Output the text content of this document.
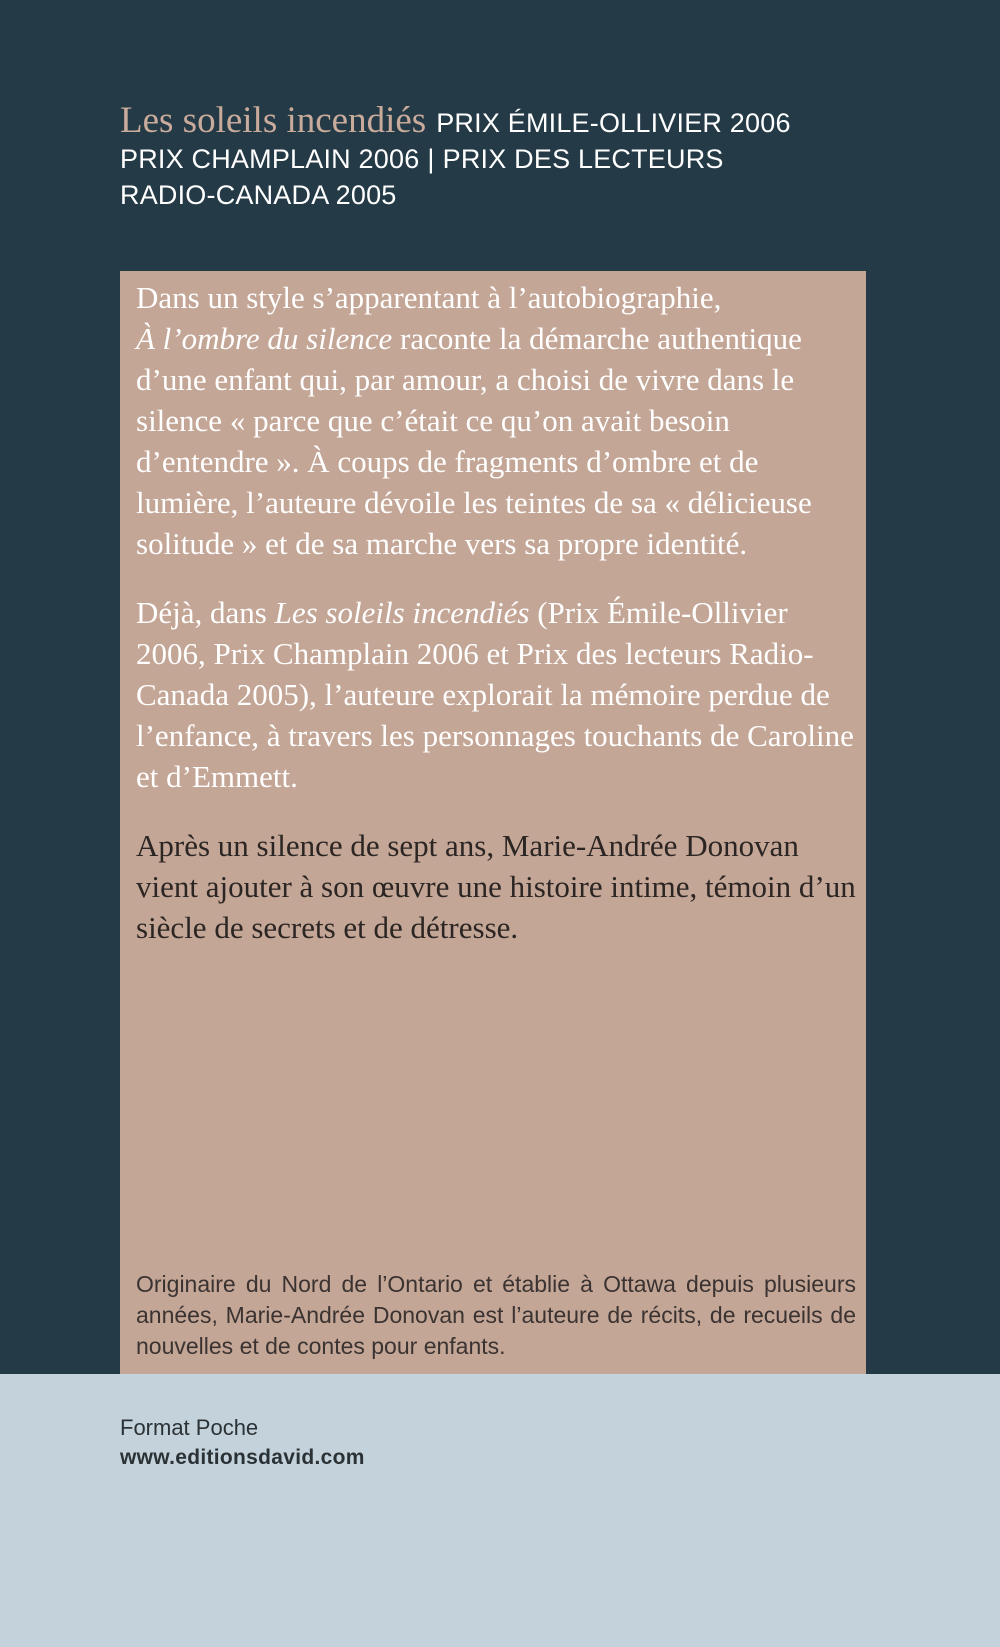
Les soleils incendiés PRIX ÉMILE-OLLIVIER 2006
PRIX CHAMPLAIN 2006 | PRIX DES LECTEURS
RADIO-CANADA 2005

Dans un style s’apparentant à l’autobiographie,
À l’ombre du silence raconte la démarche authentique d’une enfant qui, par amour, a choisi de vivre dans le silence « parce que c’était ce qu’on avait besoin d’entendre ». À coups de fragments d’ombre et de lumière, l’auteure dévoile les teintes de sa « délicieuse solitude » et de sa marche vers sa propre identité.

Déjà, dans Les soleils incendiés (Prix Émile-Ollivier 2006, Prix Champlain 2006 et Prix des lecteurs Radio-Canada 2005), l’auteure explorait la mémoire perdue de l’enfance, à travers les personnages touchants de Caroline et d’Emmett.

Après un silence de sept ans, Marie-Andrée Donovan vient ajouter à son œuvre une histoire intime, témoin d’un siècle de secrets et de détresse.

Originaire du Nord de l’Ontario et établie à Ottawa depuis plusieurs années, Marie-Andrée Donovan est l’auteure de récits, de recueils de nouvelles et de contes pour enfants.
Format Poche
www.editionsdavid.com
